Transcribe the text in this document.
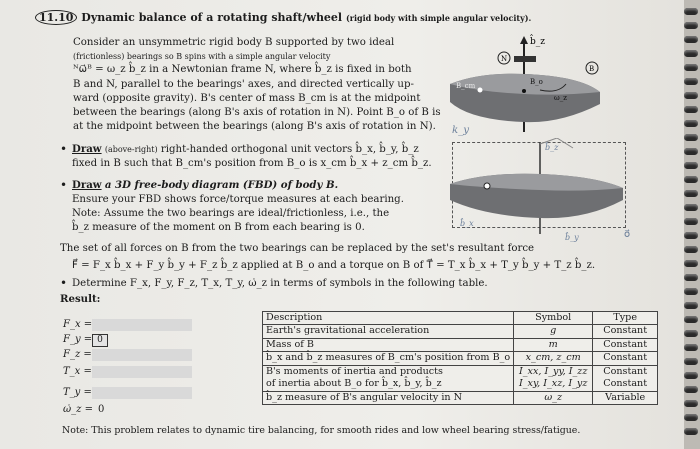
11.10 Dynamic balance of a rotating shaft/wheel (rigid body with simple angular velocity).
Consider an unsymmetric rigid body B supported by two ideal
(frictionless) bearings so B spins with a simple angular velocity
ᴺω⃗ᴮ = ω_z b̂_z in a Newtonian frame N, where b̂_z is fixed in both
B and N, parallel to the bearings' axes, and directed vertically up-
ward (opposite gravity). B's center of mass B_cm is at the midpoint
between the bearings (along B's axis of rotation in N). Point B_o of B is
at the midpoint between the bearings (along B's axis of rotation in N).
b̂_z
N
B
B_cm	B_o
ω_z
k_y
• Draw (above-right) right-handed orthogonal unit vectors b̂_x, b̂_y, b̂_z
fixed in B such that B_cm's position from B_o is x_cm b̂_x + z_cm b̂_z.
b̂_z
b̂_x
b̂_y
• Draw a 3D free-body diagram (FBD) of body B.
Ensure your FBD shows force/torque measures at each bearing.
Note: Assume the two bearings are ideal/frictionless, i.e., the
b̂_z measure of the moment on B from each bearing is 0.
The set of all forces on B from the two bearings can be replaced by the set's resultant force
F⃗ = F_x b̂_x + F_y b̂_y + F_z b̂_z applied at B_o and a torque on B of T⃗ = T_x b̂_x + T_y b̂_y + T_z b̂_z.
o⃗
• Determine F_x, F_y, F_z, T_x, T_y, ω̇_z in terms of symbols in the following table.
Result:
F_x =
F_y = 0
F_z =
T_x =
T_y =
ω̇_z = 0
Description	Symbol	Type
Earth's gravitational acceleration	g	Constant
Mass of B	m	Constant
b̂_x and b̂_z measures of B_cm's position from B_o	x_cm, z_cm	Constant
B's moments of inertia and products	I_xx, I_yy, I_zz	Constant
of inertia about B_o for b̂_x, b̂_y, b̂_z	I_xy, I_xz, I_yz	Constant
b̂_z measure of B's angular velocity in N	ω_z	Variable
Note: This problem relates to dynamic tire balancing, for smooth rides and low wheel bearing stress/fatigue.
